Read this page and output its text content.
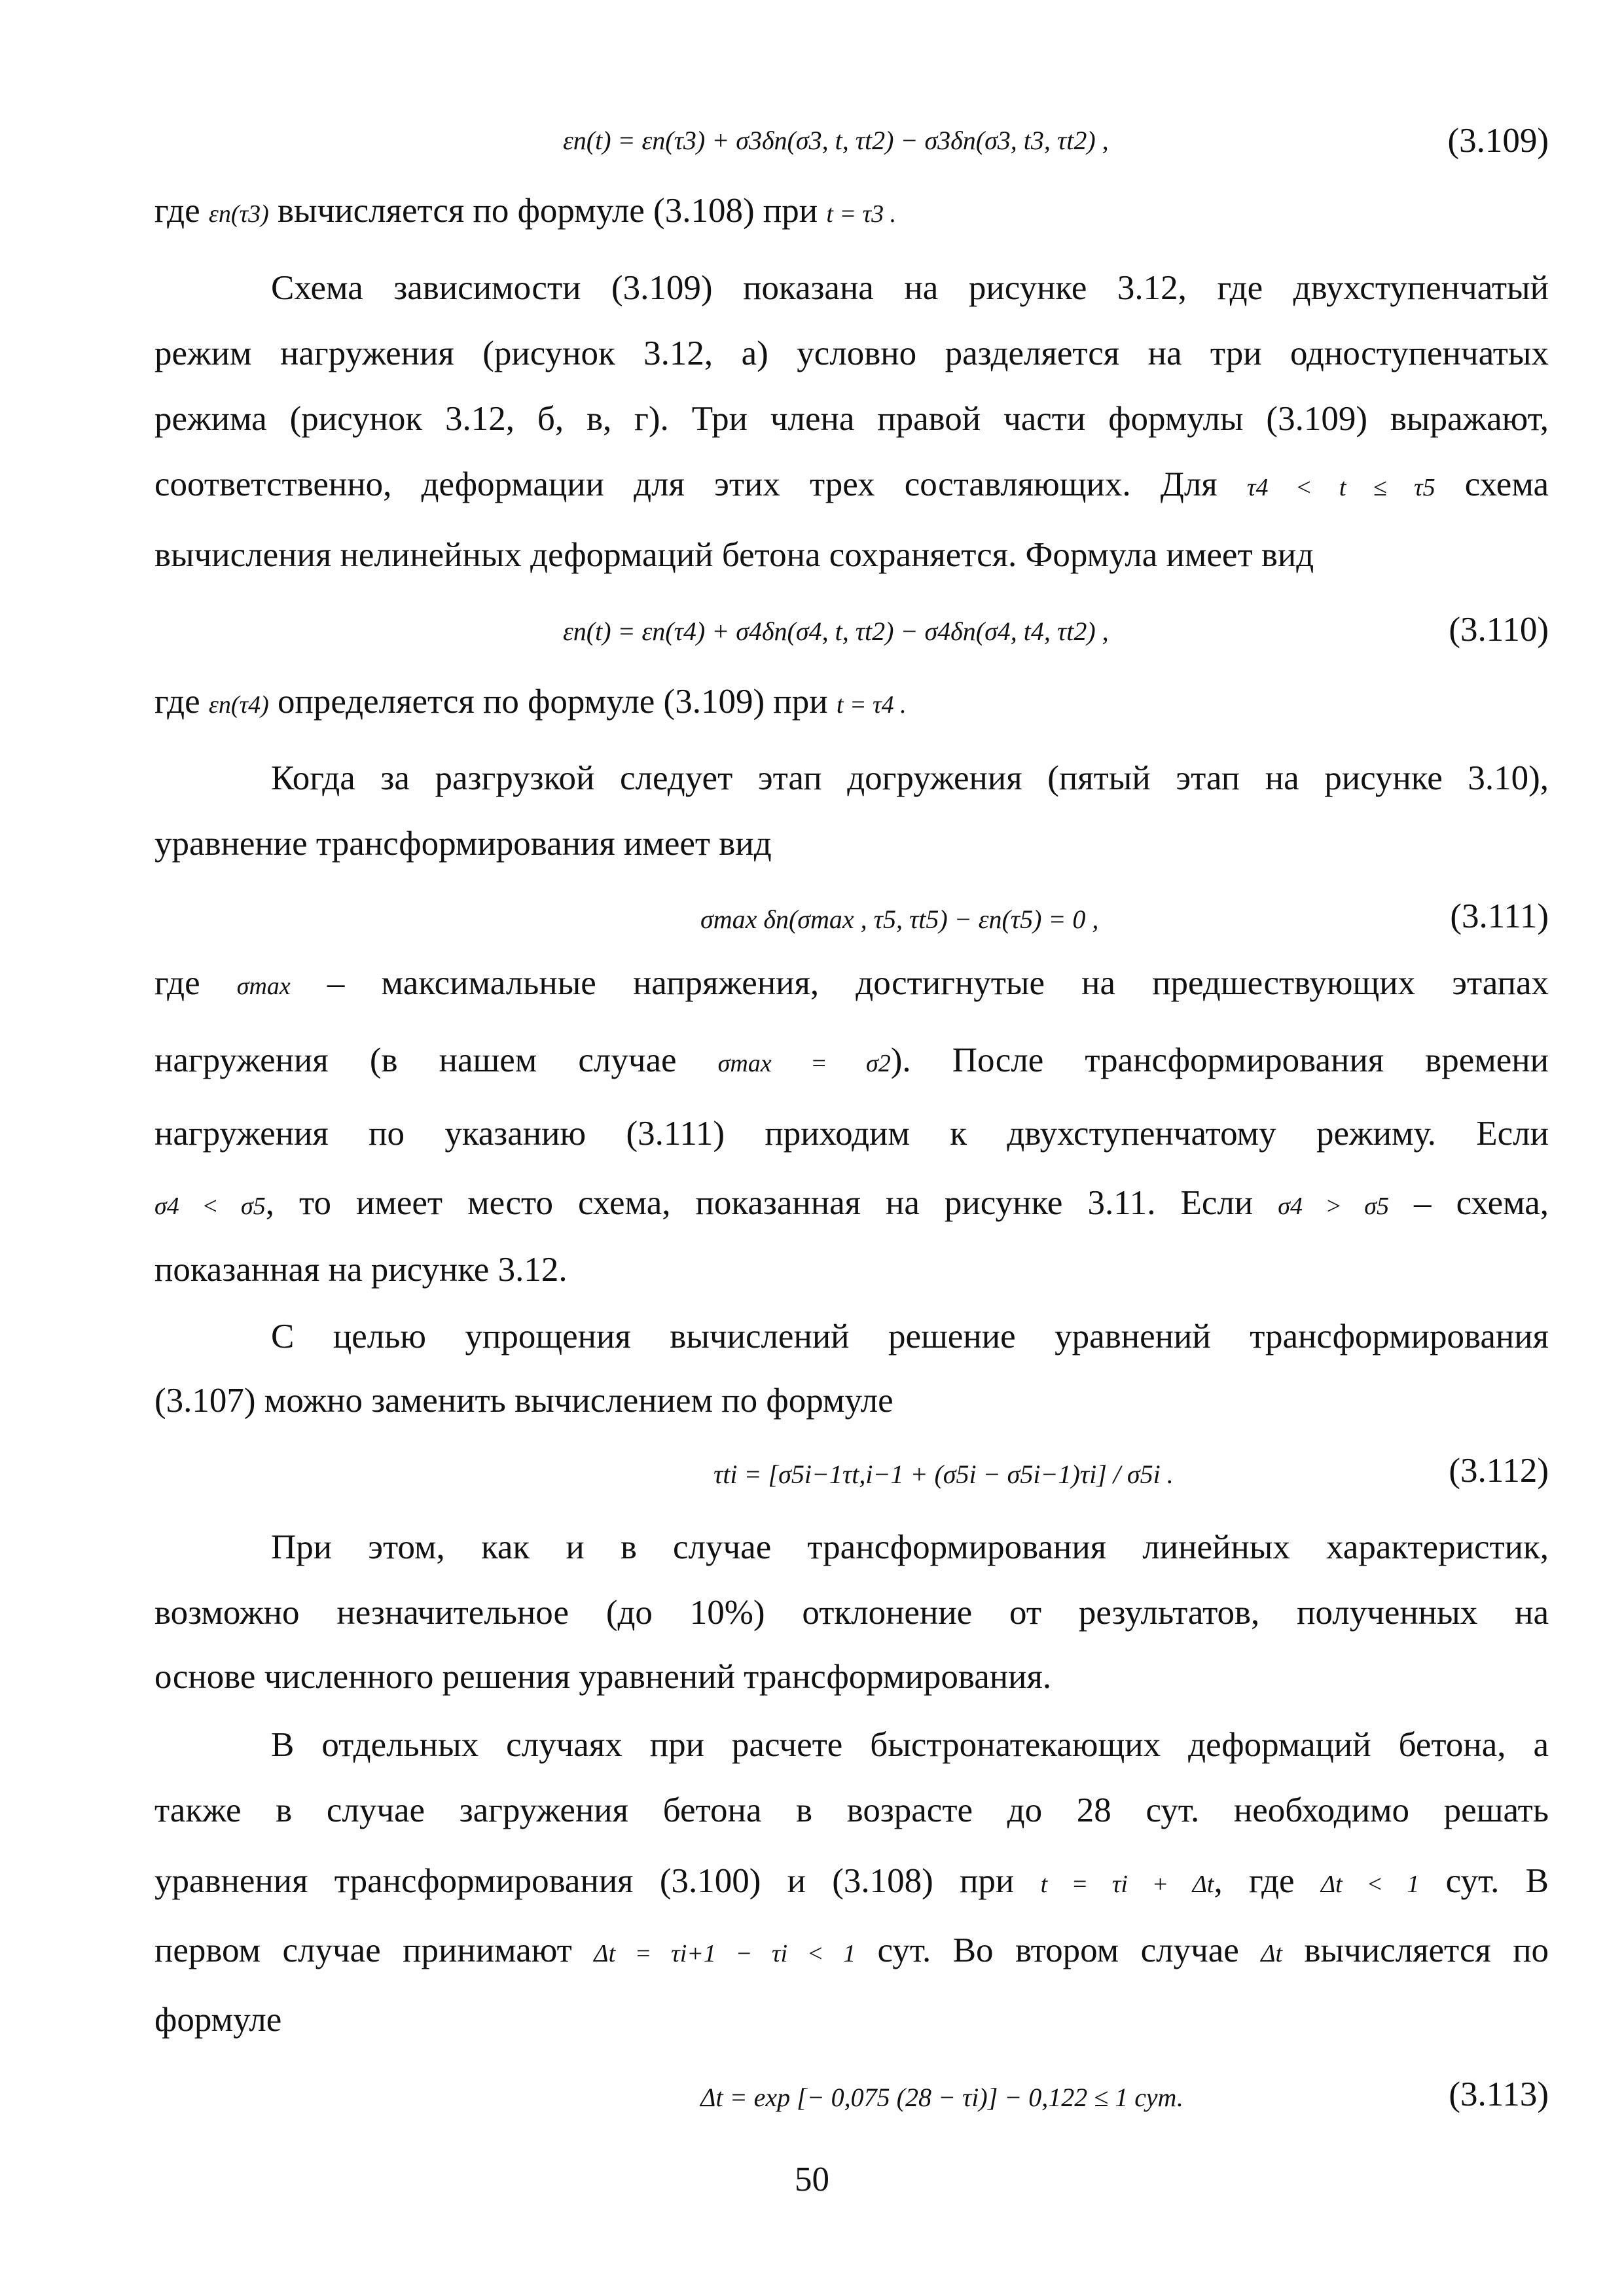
εn(t) = εn(τ3) + σ3δn(σ3, t, τt2) − σ3δn(σ3, t3, τt2) ,	(3.109)
где εn(τ3) вычисляется по формуле (3.108) при t = τ3 .
Схема зависимости (3.109) показана на рисунке 3.12, где двухступенчатый
режим нагружения (рисунок 3.12, а) условно разделяется на три одноступенчатых
режима (рисунок 3.12, б, в, г). Три члена правой части формулы (3.109) выражают,
соответственно, деформации для этих трех составляющих. Для τ4 < t ≤ τ5 схема
вычисления нелинейных деформаций бетона сохраняется. Формула имеет вид
εn(t) = εn(τ4) + σ4δn(σ4, t, τt2) − σ4δn(σ4, t4, τt2) ,	(3.110)
где εn(τ4) определяется по формуле (3.109) при t = τ4 .
Когда за разгрузкой следует этап догружения (пятый этап на рисунке 3.10),
уравнение трансформирования имеет вид
σmax δn(σmax , τ5, τt5) − εn(τ5) = 0 ,	(3.111)
где σmax – максимальные напряжения, достигнутые на предшествующих этапах
нагружения (в нашем случае σmax = σ2). После трансформирования времени
нагружения по указанию (3.111) приходим к двухступенчатому режиму. Если
σ4 < σ5, то имеет место схема, показанная на рисунке 3.11. Если σ4 > σ5 – схема,
показанная на рисунке 3.12.
С целью упрощения вычислений решение уравнений трансформирования
(3.107) можно заменить вычислением по формуле
τti = [σ5i−1τt,i−1 + (σ5i − σ5i−1)τi] / σ5i .	(3.112)
При этом, как и в случае трансформирования линейных характеристик,
возможно незначительное (до 10%) отклонение от результатов, полученных на
основе численного решения уравнений трансформирования.
В отдельных случаях при расчете быстронатекающих деформаций бетона, а
также в случае загружения бетона в возрасте до 28 сут. необходимо решать
уравнения трансформирования (3.100) и (3.108) при t = τi + Δt, где Δt < 1 сут. В
первом случае принимают Δt = τi+1 − τi < 1 сут. Во втором случае Δt вычисляется по
формуле
Δt = exp [− 0,075 (28 − τi)] − 0,122 ≤ 1 сут.	(3.113)
50
